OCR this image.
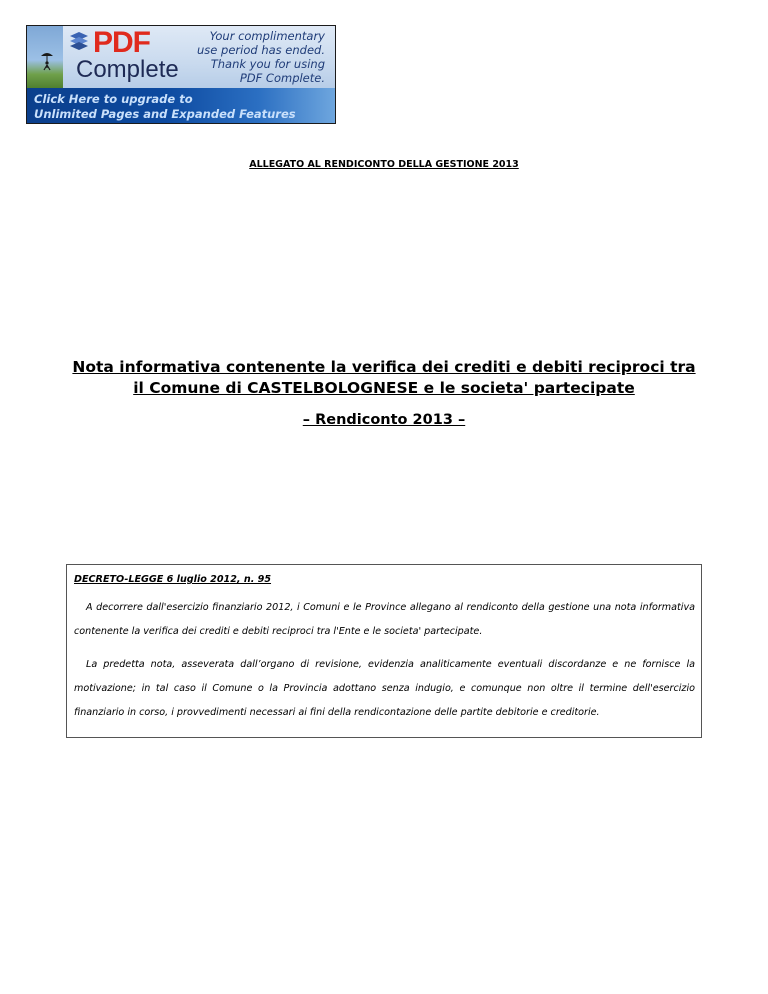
PDF
Complete
Your complimentary
use period has ended.
Thank you for using
PDF Complete.
Click Here to upgrade to
Unlimited Pages and Expanded Features
ALLEGATO AL RENDICONTO DELLA GESTIONE 2013
Nota informativa contenente la verifica dei crediti e debiti reciproci tra
il Comune di CASTELBOLOGNESE e le societa' partecipate
– Rendiconto 2013 –

DECRETO-LEGGE 6 luglio 2012, n. 95

A decorrere dall'esercizio finanziario 2012, i Comuni e le Province allegano al rendiconto della gestione una nota informativa contenente la verifica dei crediti e debiti reciproci tra l'Ente e le societa' partecipate.

La predetta nota, asseverata dall’organo di revisione, evidenzia analiticamente eventuali discordanze e ne fornisce la motivazione; in tal caso il Comune o la Provincia adottano senza indugio, e comunque non oltre il termine dell'esercizio finanziario in corso, i provvedimenti necessari ai fini della rendicontazione delle partite debitorie e creditorie.
